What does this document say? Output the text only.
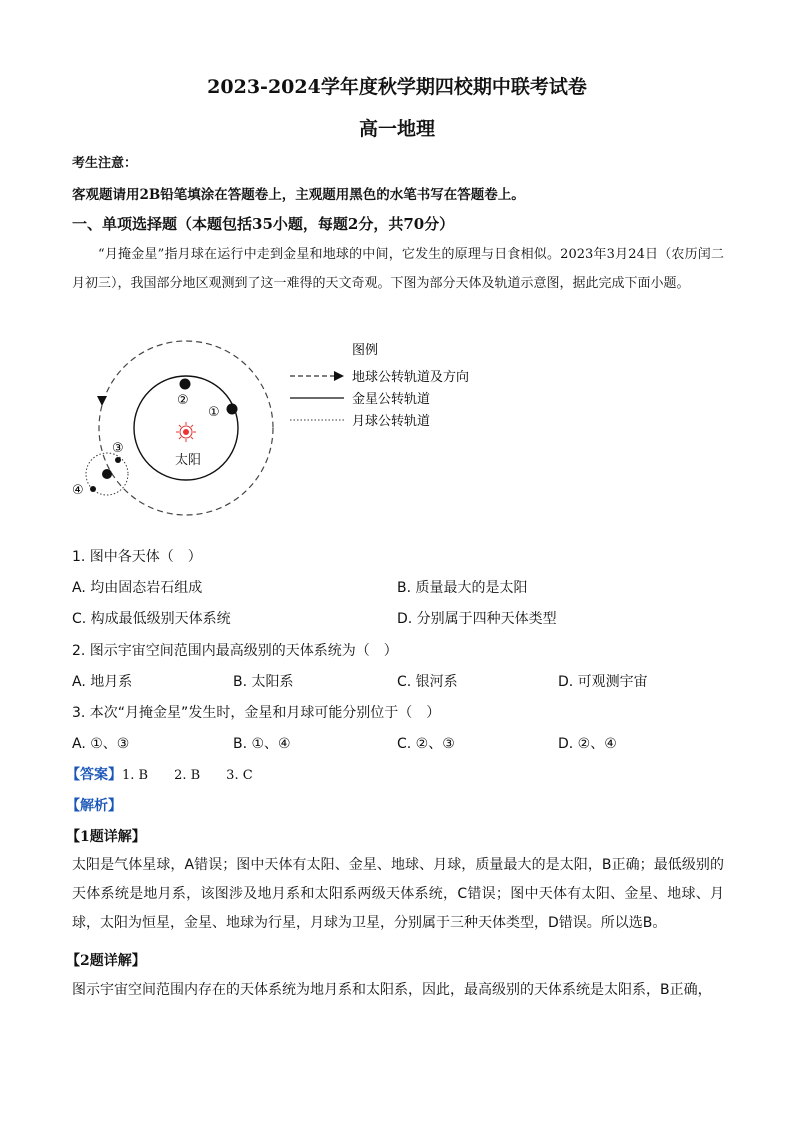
2023-2024学年度秋学期四校期中联考试卷
高一地理
考生注意：
客观题请用2B铅笔填涂在答题卷上，主观题用黑色的水笔书写在答题卷上。
一、单项选择题（本题包括35小题，每题2分，共70分）
“月掩金星”指月球在运行中走到金星和地球的中间，它发生的原理与日食相似。2023年3月24日（农历闰二月初三），我国部分地区观测到了这一难得的天文奇观。下图为部分天体及轨道示意图，据此完成下面小题。
太阳
②
①
③
④
图例
地球公转轨道及方向
金星公转轨道
月球公转轨道
1. 图中各天体（　）
A. 均由固态岩石组成	B. 质量最大的是太阳
C. 构成最低级别天体系统	D. 分别属于四种天体类型
2. 图示宇宙空间范围内最高级别的天体系统为（　）
A. 地月系	B. 太阳系	C. 银河系	D. 可观测宇宙
3. 本次“月掩金星”发生时，金星和月球可能分别位于（　）
A. ①、③	B. ①、④	C. ②、③	D. ②、④
【答案】1. B　　2. B　　3. C
【解析】
【1题详解】
太阳是气体星球，A错误；图中天体有太阳、金星、地球、月球，质量最大的是太阳，B正确；最低级别的天体系统是地月系，该图涉及地月系和太阳系两级天体系统，C错误；图中天体有太阳、金星、地球、月球，太阳为恒星，金星、地球为行星，月球为卫星，分别属于三种天体类型，D错误。所以选B。
【2题详解】
图示宇宙空间范围内存在的天体系统为地月系和太阳系，因此，最高级别的天体系统是太阳系，B正确，
